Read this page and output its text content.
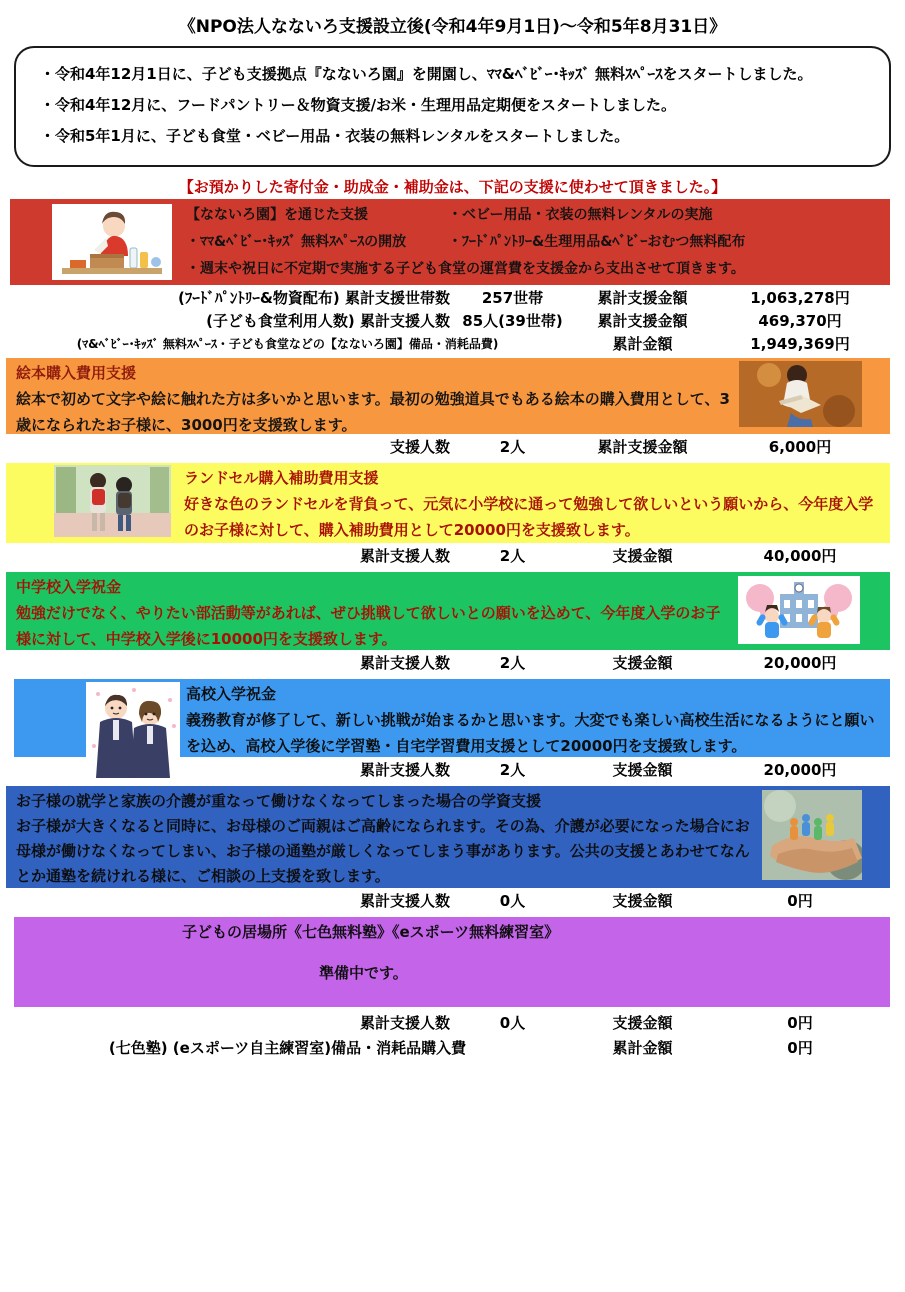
《NPO法人なないろ支援設立後(令和4年9月1日)～令和5年8月31日》
・令和4年12月1日に、子ども支援拠点『なないろ園』を開園し、ﾏﾏ&ﾍﾞﾋﾞｰ･ｷｯｽﾞ 無料ｽﾍﾟｰｽをスタートしました。
・令和4年12月に、フードパントリー＆物資支援/お米・生理用品定期便をスタートしました。
・令和5年1月に、子ども食堂・ベビー用品・衣装の無料レンタルをスタートしました。
【お預かりした寄付金・助成金・補助金は、下記の支援に使わせて頂きました。】
【なないろ園】を通じた支援	・ベビー用品・衣装の無料レンタルの実施
・ﾏﾏ&ﾍﾞﾋﾞｰ･ｷｯｽﾞ 無料ｽﾍﾟｰｽの開放	・ﾌｰﾄﾞﾊﾟﾝﾄﾘｰ&生理用品&ﾍﾞﾋﾞｰおむつ無料配布
・週末や祝日に不定期で実施する子ども食堂の運営費を支援金から支出させて頂きます。
(ﾌｰﾄﾞﾊﾟﾝﾄﾘｰ&物資配布) 累計支援世帯数	257世帯	累計支援金額	1,063,278円
(子ども食堂利用人数) 累計支援人数 85人(39世帯)	累計支援金額	469,370円
(ﾏ&ﾍﾞﾋﾞｰ･ｷｯｽﾞ 無料ｽﾍﾟｰｽ・子ども食堂などの【なないろ園】備品・消耗品費)	累計金額	1,949,369円
絵本購入費用支援
絵本で初めて文字や絵に触れた方は多いかと思います。最初の勉強道具でもある絵本の購入費用として、3歳になられたお子様に、3000円を支援致します。
支援人数	2人	累計支援金額	6,000円
ランドセル購入補助費用支援
好きな色のランドセルを背負って、元気に小学校に通って勉強して欲しいという願いから、今年度入学のお子様に対して、購入補助費用として20000円を支援致します。
累計支援人数	2人	支援金額	40,000円
中学校入学祝金
勉強だけでなく、やりたい部活動等があれば、ぜひ挑戦して欲しいとの願いを込めて、今年度入学のお子様に対して、中学校入学後に10000円を支援致します。
累計支援人数	2人	支援金額	20,000円
高校入学祝金
義務教育が修了して、新しい挑戦が始まるかと思います。大変でも楽しい高校生活になるようにと願いを込め、高校入学後に学習塾・自宅学習費用支援として20000円を支援致します。
累計支援人数	2人	支援金額	20,000円
お子様の就学と家族の介護が重なって働けなくなってしまった場合の学資支援
お子様が大きくなると同時に、お母様のご両親はご高齢になられます。その為、介護が必要になった場合にお母様が働けなくなってしまい、お子様の通塾が厳しくなってしまう事があります。公共の支援とあわせてなんとか通塾を続けれる様に、ご相談の上支援を致します。
累計支援人数	0人	支援金額	0円
子どもの居場所《七色無料塾》《eスポーツ無料練習室》
準備中です。
累計支援人数	0人	支援金額	0円
(七色塾) (eスポーツ自主練習室)備品・消耗品購入費	累計金額	0円
